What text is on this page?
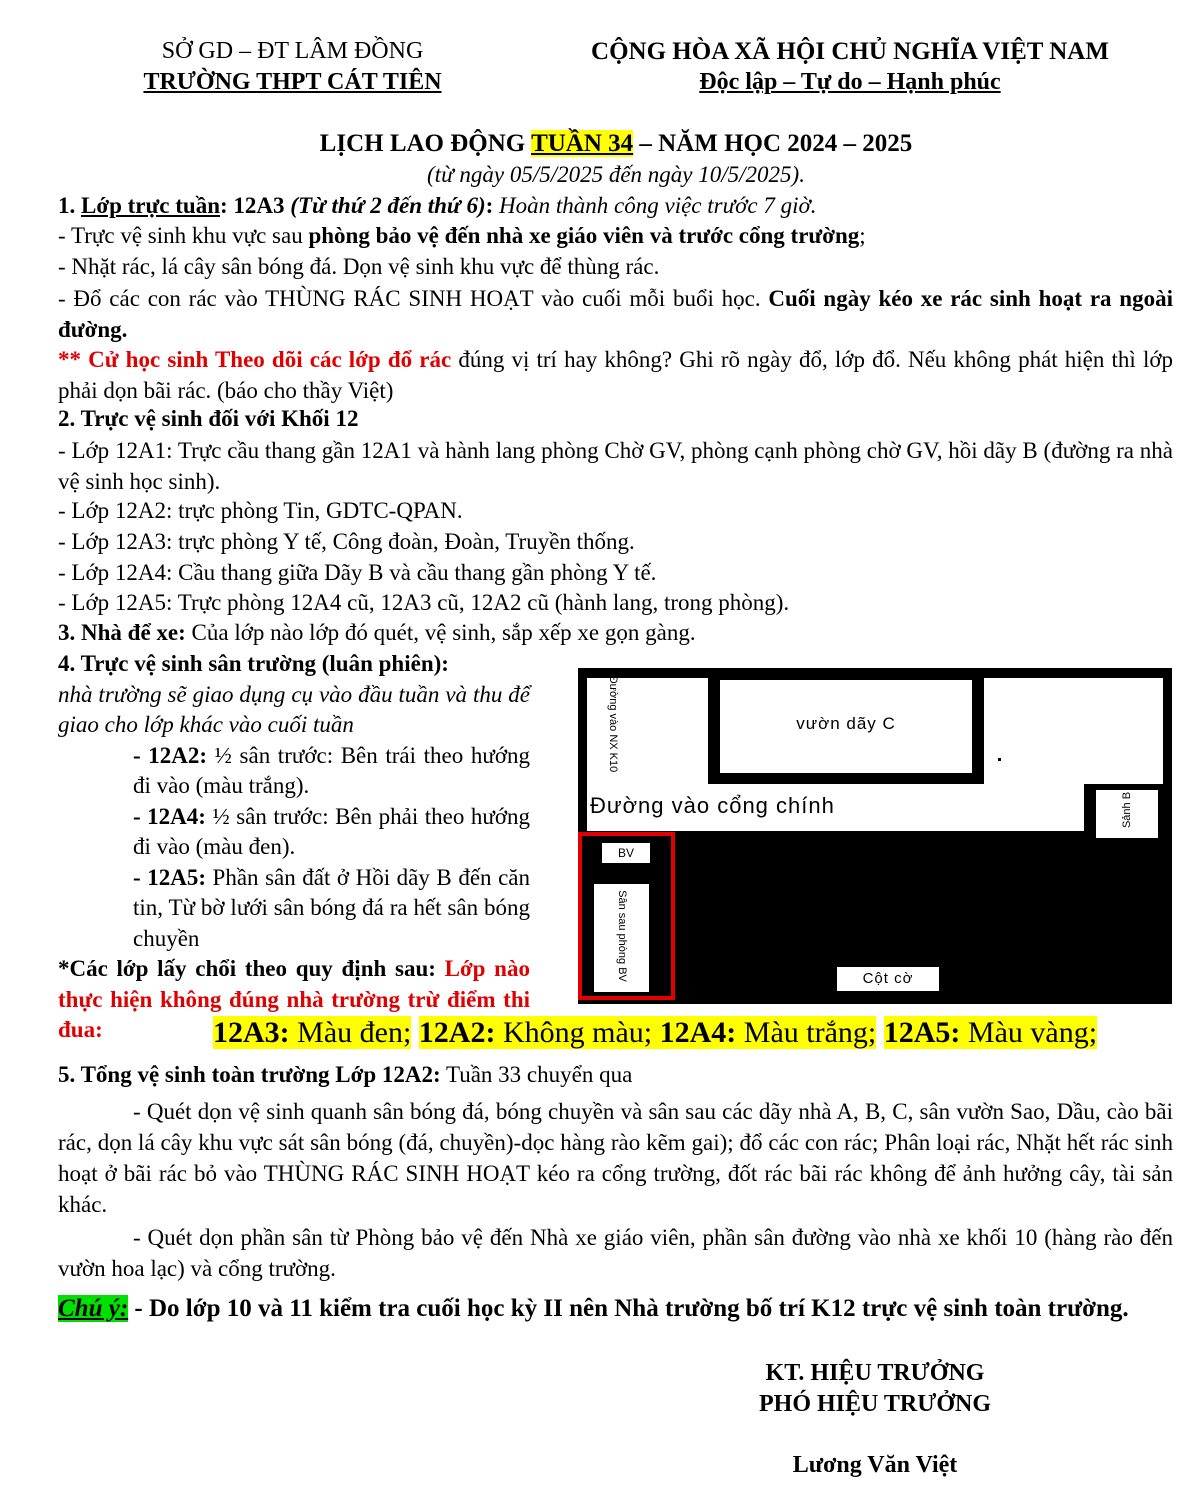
SỞ GD – ĐT LÂM ĐỒNG
TRƯỜNG THPT CÁT TIÊN
CỘNG HÒA XÃ HỘI CHỦ NGHĨA VIỆT NAM
Độc lập – Tự do – Hạnh phúc
LỊCH LAO ĐỘNG TUẦN 34 – NĂM HỌC 2024 – 2025
(từ ngày 05/5/2025 đến ngày 10/5/2025).
1. Lớp trực tuần: 12A3 (Từ thứ 2 đến thứ 6): Hoàn thành công việc trước 7 giờ.
- Trực vệ sinh khu vực sau phòng bảo vệ đến nhà xe giáo viên và trước cổng trường;
- Nhặt rác, lá cây sân bóng đá. Dọn vệ sinh khu vực để thùng rác.
- Đổ các con rác vào THÙNG RÁC SINH HOẠT vào cuối mỗi buổi học. Cuối ngày kéo xe rác sinh hoạt ra ngoài đường.
** Cử học sinh Theo dõi các lớp đổ rác đúng vị trí hay không? Ghi rõ ngày đổ, lớp đổ. Nếu không phát hiện thì lớp phải dọn bãi rác. (báo cho thầy Việt)
2. Trực vệ sinh đối với Khối 12
- Lớp 12A1: Trực cầu thang gần 12A1 và hành lang phòng Chờ GV, phòng cạnh phòng chờ GV, hồi dãy B (đường ra nhà vệ sinh học sinh).
- Lớp 12A2: trực phòng Tin, GDTC-QPAN.
- Lớp 12A3: trực phòng Y tế, Công đoàn, Đoàn, Truyền thống.
- Lớp 12A4: Cầu thang giữa Dãy B và cầu thang gần phòng Y tế.
- Lớp 12A5: Trực phòng 12A4 cũ, 12A3 cũ, 12A2 cũ (hành lang, trong phòng).
3. Nhà để xe: Của lớp nào lớp đó quét, vệ sinh, sắp xếp xe gọn gàng.
4. Trực vệ sinh sân trường (luân phiên):
nhà trường sẽ giao dụng cụ vào đầu tuần và thu để giao cho lớp khác vào cuối tuần
- 12A2: ½ sân trước: Bên trái theo hướng đi vào (màu trắng).
- 12A4: ½ sân trước: Bên phải theo hướng đi vào (màu đen).
- 12A5: Phần sân đất ở Hồi dãy B đến căn tin, Từ bờ lưới sân bóng đá ra hết sân bóng chuyền
*Các lớp lấy chổi theo quy định sau: Lớp nào thực hiện không đúng nhà trường trừ điểm thi đua:	12A3: Màu đen; 12A2: Không màu; 12A4: Màu trắng; 12A5: Màu vàng;
vườn dãy C
Sảnh B
Đường vào NX K10
Đường vào cổng chính
BV
Sân sau phòng BV	Cột cờ
5. Tổng vệ sinh toàn trường Lớp 12A2: Tuần 33 chuyển qua
- Quét dọn vệ sinh quanh sân bóng đá, bóng chuyền và sân sau các dãy nhà A, B, C, sân vườn Sao, Dầu, cào bãi rác, dọn lá cây khu vực sát sân bóng (đá, chuyền)-dọc hàng rào kẽm gai); đổ các con rác; Phân loại rác, Nhặt hết rác sinh hoạt ở bãi rác bỏ vào THÙNG RÁC SINH HOẠT kéo ra cổng trường, đốt rác bãi rác không để ảnh hưởng cây, tài sản khác.
- Quét dọn phần sân từ Phòng bảo vệ đến Nhà xe giáo viên, phần sân đường vào nhà xe khối 10 (hàng rào đến vườn hoa lạc) và cổng trường.
Chú ý: - Do lớp 10 và 11 kiểm tra cuối học kỳ II nên Nhà trường bố trí K12 trực vệ sinh toàn trường.
KT. HIỆU TRƯỞNG
PHÓ HIỆU TRƯỞNG
Lương Văn Việt
